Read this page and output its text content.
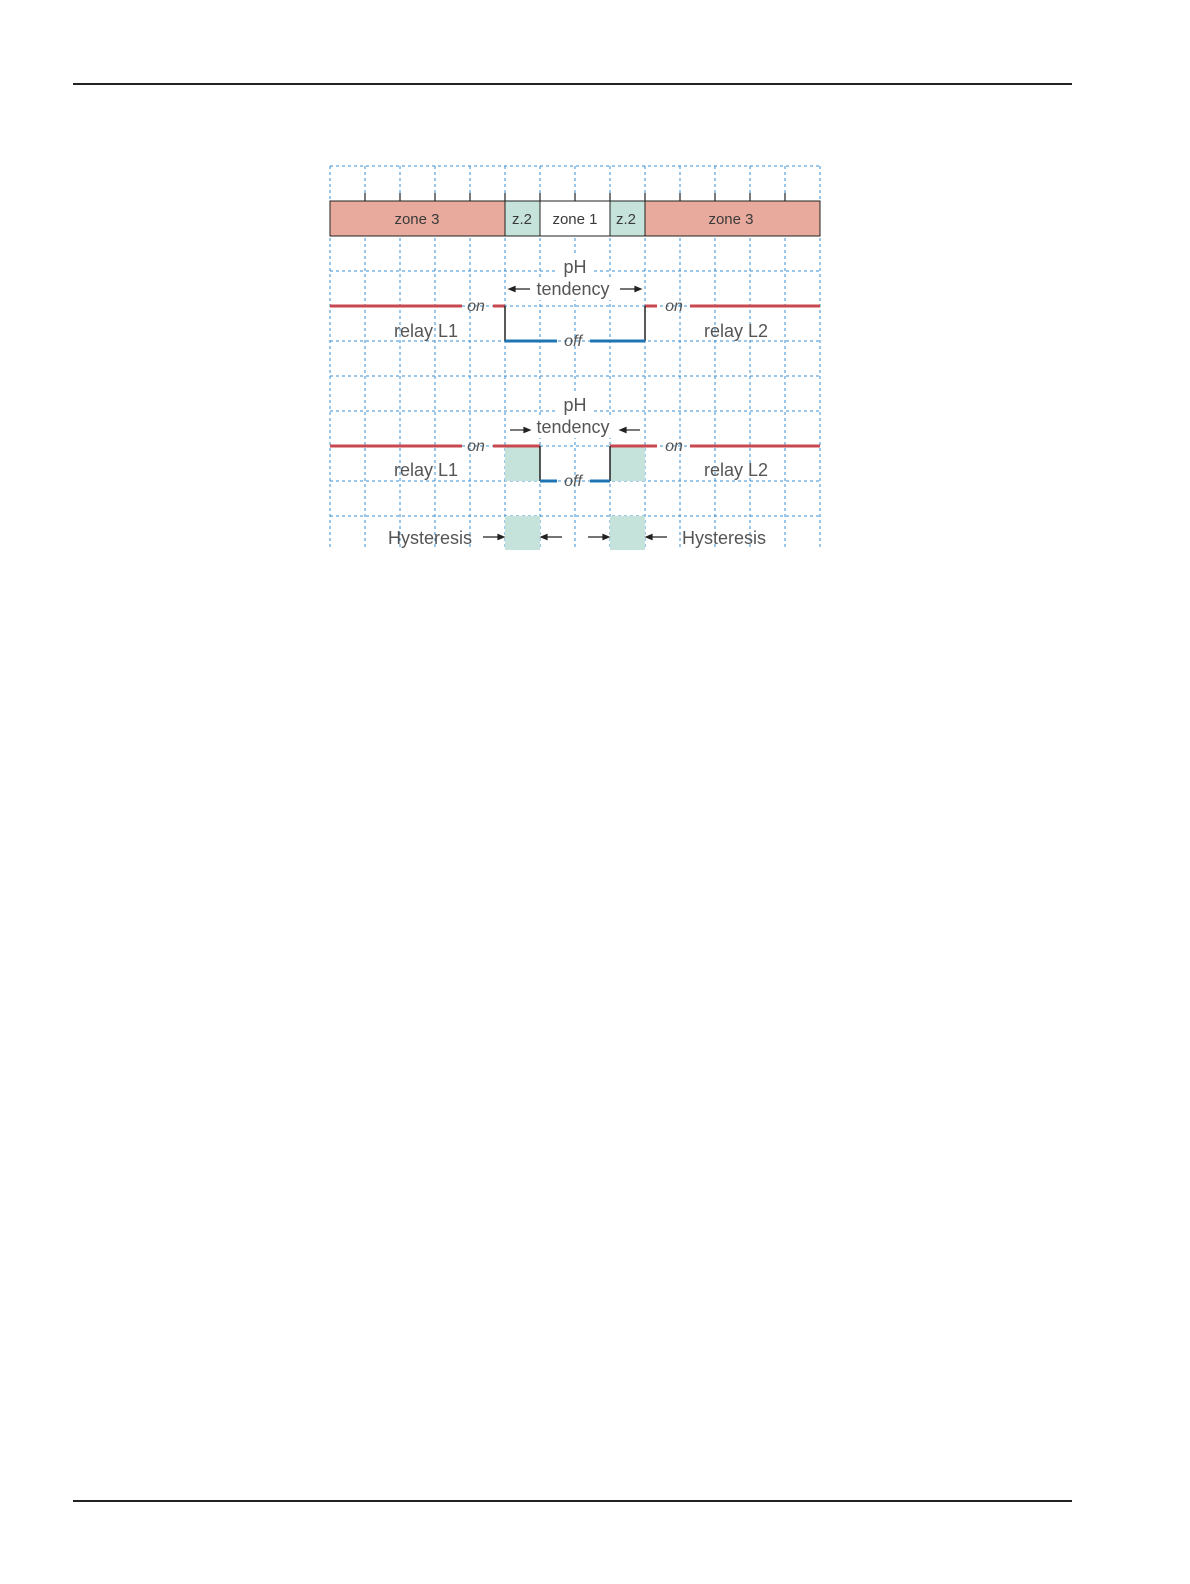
zone 3	z.2 zone 1 z.2	zone 3
pH
tendency
on	on
off
relay L1	relay L2
pH
tendency
on	on
off
relay L1	relay L2
Hysteresis	Hysteresis
